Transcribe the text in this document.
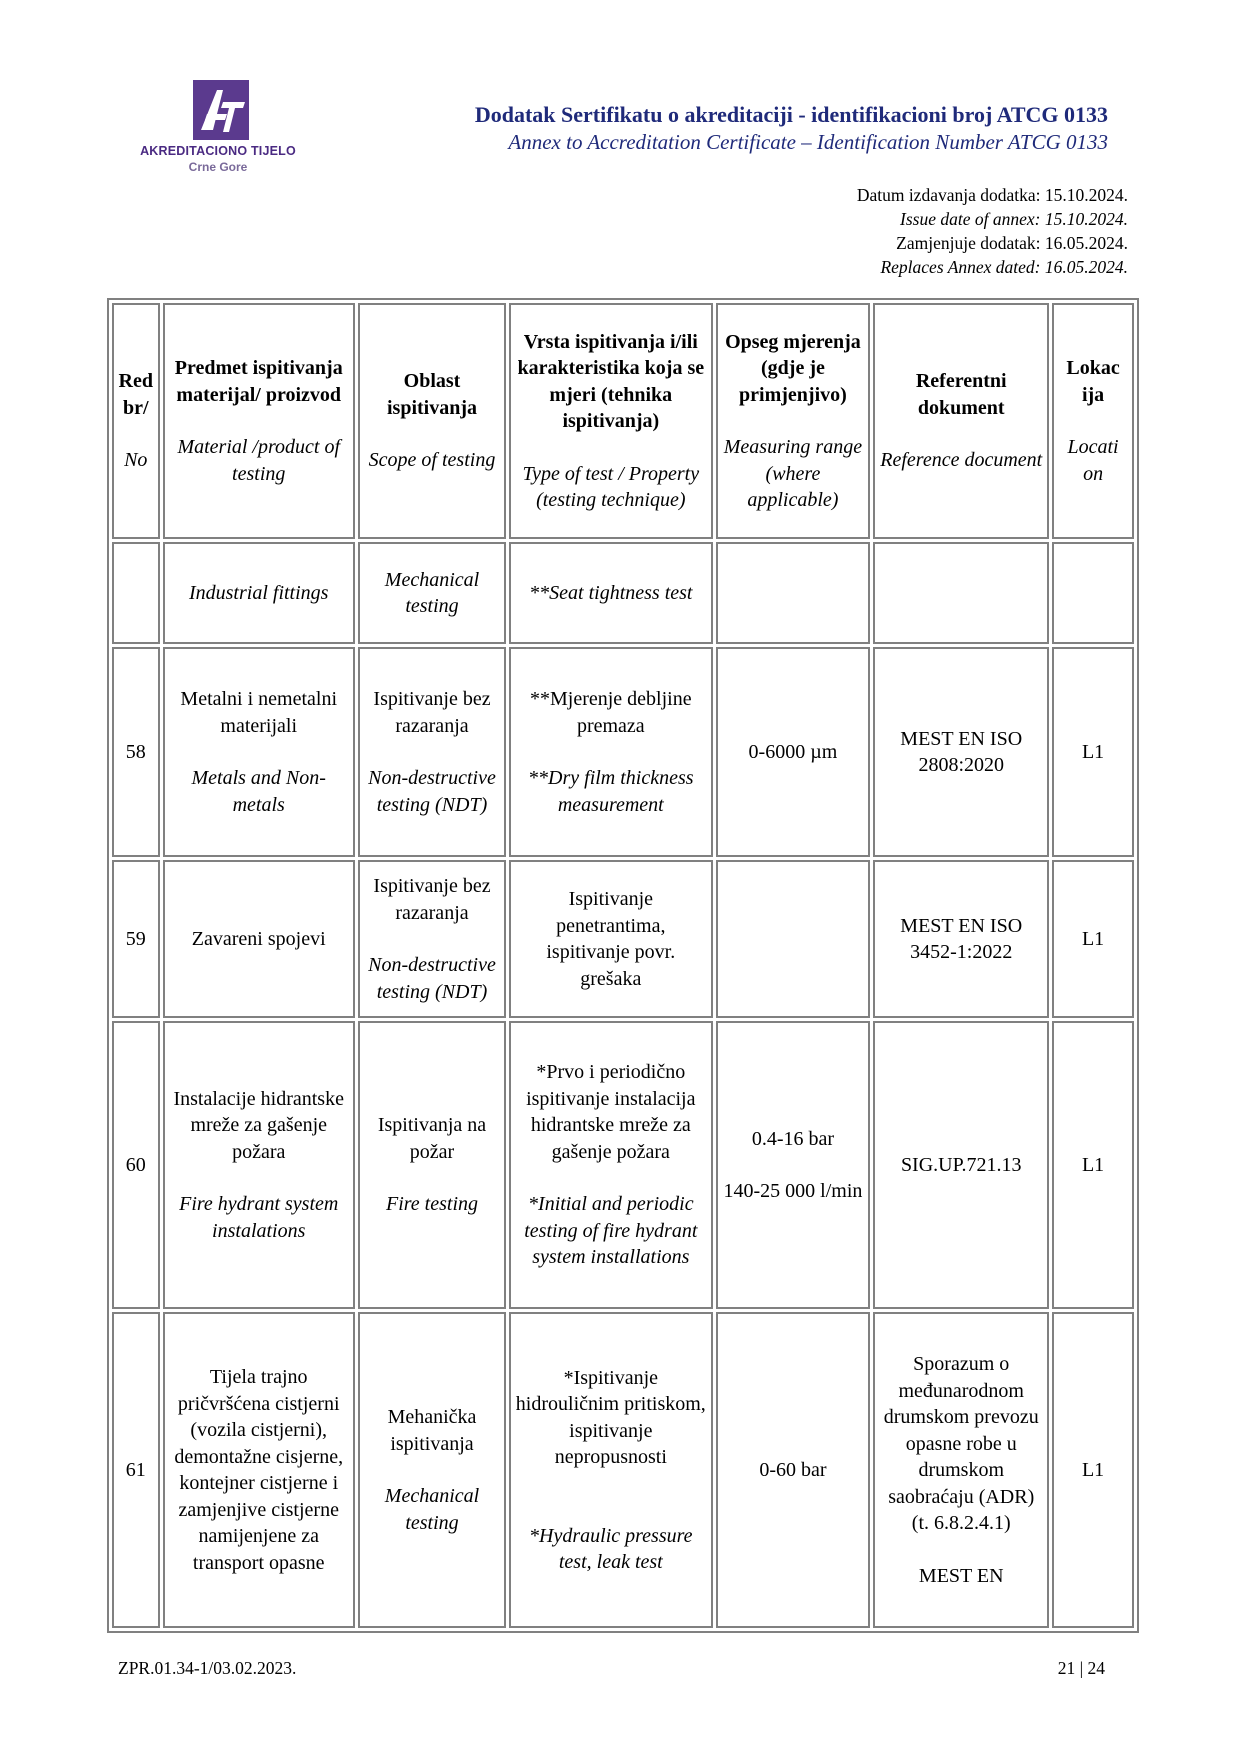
AKREDITACIONO TIJELO
Crne Gore
Dodatak Sertifikatu o akreditaciji - identifikacioni broj ATCG 0133
Annex to Accreditation Certificate – Identification Number ATCG 0133
Datum izdavanja dodatka: 15.10.2024.
Issue date of annex: 15.10.2024.
Zamjenjuje dodatak: 16.05.2024.
Replaces Annex dated: 16.05.2024.
Red br/
No	Predmet ispitivanja materijal/ proizvod
Material /product of testing	Oblast ispitivanja
Scope of testing	Vrsta ispitivanja i/ili karakteristika koja se mjeri (tehnika ispitivanja)
Type of test / Property (testing technique)	Opseg mjerenja (gdje je primjenjivo)
Measuring range (where applicable)	Referentni dokument
Reference document	Lokac ija
Locati on

	Industrial fittings	Mechanical testing	**Seat tightness test			

58	Metalni i nemetalni materijali
Metals and Non-metals	Ispitivanje bez razaranja
Non-destructive testing (NDT)	**Mjerenje debljine premaza
**Dry film thickness measurement	0-6000 µm	MEST EN ISO 2808:2020	L1
59	Zavareni spojevi	Ispitivanje bez razaranja
Non-destructive testing (NDT)	Ispitivanje penetrantima, ispitivanje povr. grešaka		MEST EN ISO 3452-1:2022	L1
60	Instalacije hidrantske mreže za gašenje požara
Fire hydrant system instalations	Ispitivanja na požar
Fire testing	*Prvo i periodično ispitivanje instalacija hidrantske mreže za gašenje požara
*Initial and periodic testing of fire hydrant system installations	0.4-16 bar
140-25 000 l/min	SIG.UP.721.13	L1
61	Tijela trajno pričvršćena cistjerni (vozila cistjerni), demontažne cisjerne, kontejner cistjerne i zamjenjive cistjerne namijenjene za transport opasne	Mehanička ispitivanja
Mechanical testing	*Ispitivanje hidrouličnim pritiskom, ispitivanje nepropusnosti
*Hydraulic pressure test, leak test	0-60 bar	Sporazum o međunarodnom drumskom prevozu opasne robe u drumskom saobraćaju (ADR)
(t. 6.8.2.4.1)
MEST EN	L1
ZPR.01.34-1/03.02.2023.	21 | 24
